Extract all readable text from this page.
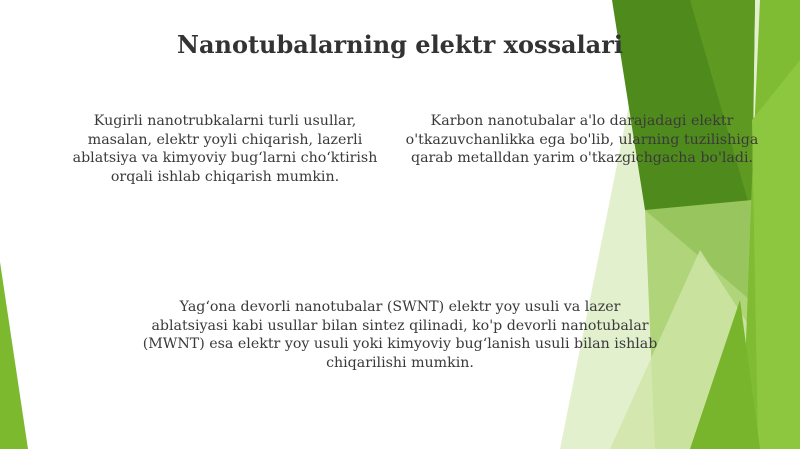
Nanotubalarning elektr xossalari
Kugirli nanotrubkalarni turli usullar,
masalan, elektr yoyli chiqarish, lazerli
ablatsiya va kimyoviy bug‘larni cho‘ktirish
orqali ishlab chiqarish mumkin.
Karbon nanotubalar a'lo darajadagi elektr
o'tkazuvchanlikka ega bo'lib, ularning tuzilishiga
qarab metalldan yarim o'tkazgichgacha bo'ladi.
Yag‘ona devorli nanotubalar (SWNT) elektr yoy usuli va lazer
ablatsiyasi kabi usullar bilan sintez qilinadi, ko'p devorli nanotubalar
(MWNT) esa elektr yoy usuli yoki kimyoviy bug‘lanish usuli bilan ishlab
chiqarilishi mumkin.
